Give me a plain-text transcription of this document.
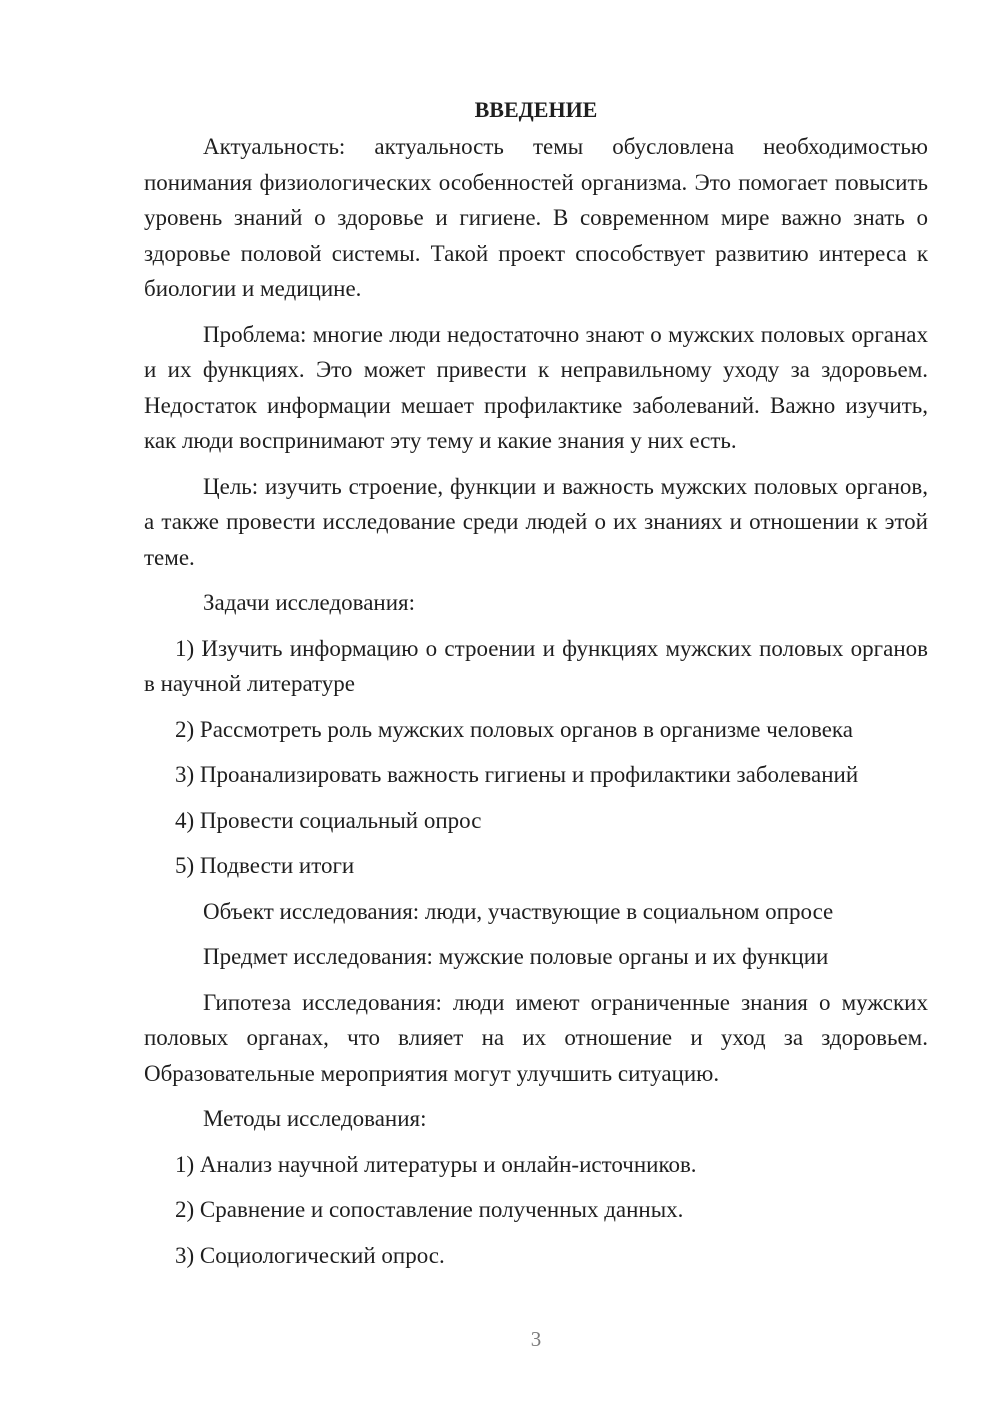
ВВЕДЕНИЕ

Актуальность: актуальность темы обусловлена необходимостью понимания физиологических особенностей организма. Это помогает повысить уровень знаний о здоровье и гигиене. В современном мире важно знать о здоровье половой системы. Такой проект способствует развитию интереса к биологии и медицине.

Проблема: многие люди недостаточно знают о мужских половых органах и их функциях. Это может привести к неправильному уходу за здоровьем. Недостаток информации мешает профилактике заболеваний. Важно изучить, как люди воспринимают эту тему и какие знания у них есть.

Цель: изучить строение, функции и важность мужских половых органов, а также провести исследование среди людей о их знаниях и отношении к этой теме.

Задачи исследования:

1) Изучить информацию о строении и функциях мужских половых органов в научной литературе

2) Рассмотреть роль мужских половых органов в организме человека

3) Проанализировать важность гигиены и профилактики заболеваний

4) Провести социальный опрос

5) Подвести итоги

Объект исследования: люди, участвующие в социальном опросе

Предмет исследования: мужские половые органы и их функции

Гипотеза исследования: люди имеют ограниченные знания о мужских половых органах, что влияет на их отношение и уход за здоровьем. Образовательные мероприятия могут улучшить ситуацию.

Методы исследования:

1) Анализ научной литературы и онлайн-источников.

2) Сравнение и сопоставление полученных данных.

3) Социологический опрос.

3
